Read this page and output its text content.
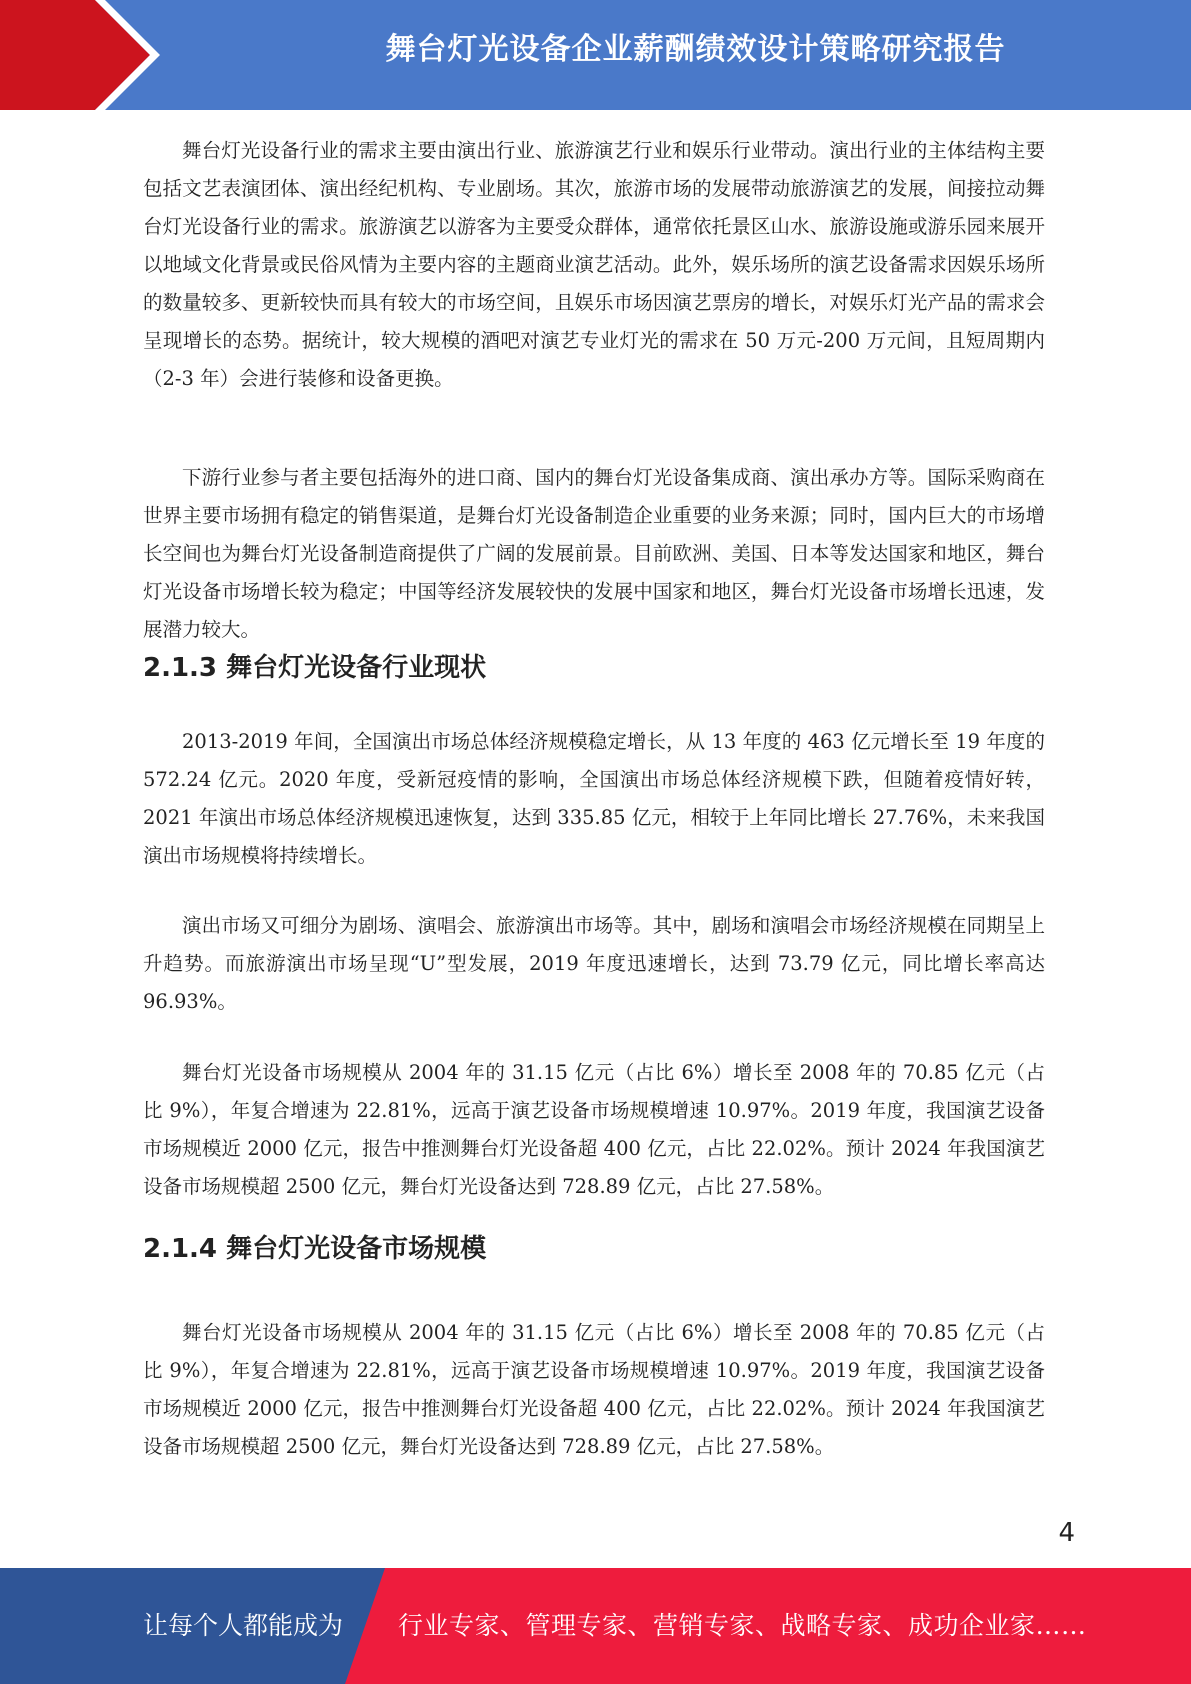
舞台灯光设备企业薪酬绩效设计策略研究报告

舞台灯光设备行业的需求主要由演出行业、旅游演艺行业和娱乐行业带动。演出行业的主体结构主要包括文艺表演团体、演出经纪机构、专业剧场。其次，旅游市场的发展带动旅游演艺的发展，间接拉动舞台灯光设备行业的需求。旅游演艺以游客为主要受众群体，通常依托景区山水、旅游设施或游乐园来展开以地域文化背景或民俗风情为主要内容的主题商业演艺活动。此外，娱乐场所的演艺设备需求因娱乐场所的数量较多、更新较快而具有较大的市场空间，且娱乐市场因演艺票房的增长，对娱乐灯光产品的需求会呈现增长的态势。据统计，较大规模的酒吧对演艺专业灯光的需求在 50 万元-200 万元间，且短周期内（2-3 年）会进行装修和设备更换。

下游行业参与者主要包括海外的进口商、国内的舞台灯光设备集成商、演出承办方等。国际采购商在世界主要市场拥有稳定的销售渠道，是舞台灯光设备制造企业重要的业务来源；同时，国内巨大的市场增长空间也为舞台灯光设备制造商提供了广阔的发展前景。目前欧洲、美国、日本等发达国家和地区，舞台灯光设备市场增长较为稳定；中国等经济发展较快的发展中国家和地区，舞台灯光设备市场增长迅速，发展潜力较大。

2.1.3 舞台灯光设备行业现状

2013-2019 年间，全国演出市场总体经济规模稳定增长，从 13 年度的 463 亿元增长至 19 年度的 572.24 亿元。2020 年度，受新冠疫情的影响，全国演出市场总体经济规模下跌，但随着疫情好转，2021 年演出市场总体经济规模迅速恢复，达到 335.85 亿元，相较于上年同比增长 27.76%，未来我国演出市场规模将持续增长。

演出市场又可细分为剧场、演唱会、旅游演出市场等。其中，剧场和演唱会市场经济规模在同期呈上升趋势。而旅游演出市场呈现“U”型发展，2019 年度迅速增长，达到 73.79 亿元，同比增长率高达 96.93%。

舞台灯光设备市场规模从 2004 年的 31.15 亿元（占比 6%）增长至 2008 年的 70.85 亿元（占比 9%），年复合增速为 22.81%，远高于演艺设备市场规模增速 10.97%。2019 年度，我国演艺设备市场规模近 2000 亿元，报告中推测舞台灯光设备超 400 亿元，占比 22.02%。预计 2024 年我国演艺设备市场规模超 2500 亿元，舞台灯光设备达到 728.89 亿元，占比 27.58%。

2.1.4 舞台灯光设备市场规模

舞台灯光设备市场规模从 2004 年的 31.15 亿元（占比 6%）增长至 2008 年的 70.85 亿元（占比 9%），年复合增速为 22.81%，远高于演艺设备市场规模增速 10.97%。2019 年度，我国演艺设备市场规模近 2000 亿元，报告中推测舞台灯光设备超 400 亿元，占比 22.02%。预计 2024 年我国演艺设备市场规模超 2500 亿元，舞台灯光设备达到 728.89 亿元，占比 27.58%。

4
让每个人都能成为 行业专家、管理专家、营销专家、战略专家、成功企业家……
